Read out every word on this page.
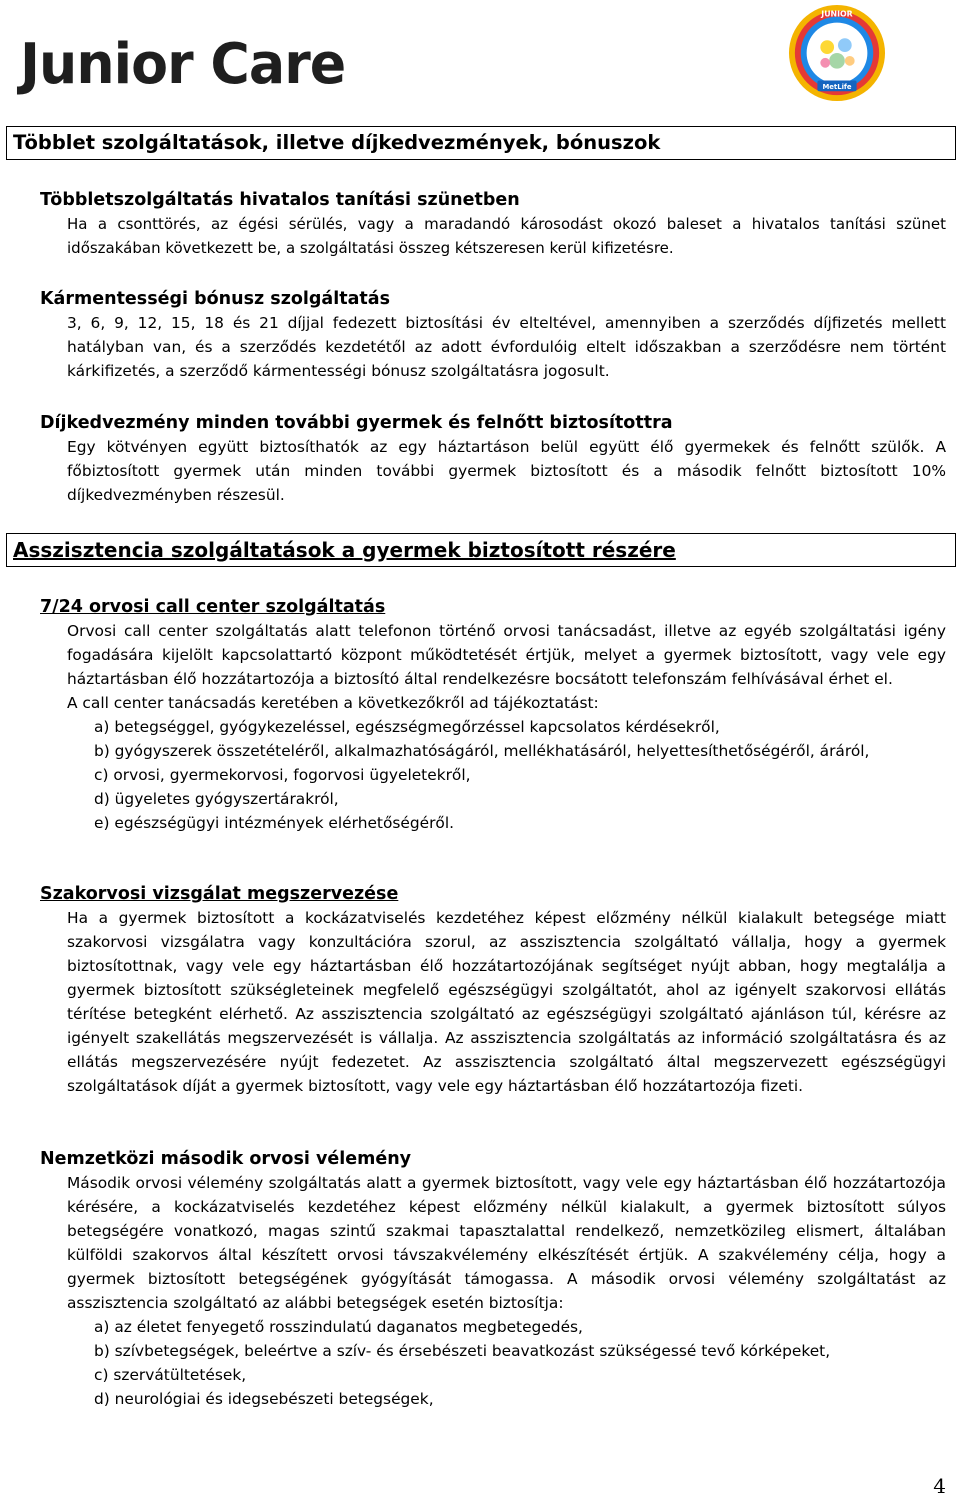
Junior Care
JUNIOR
MetLife
Többlet szolgáltatások, illetve díjkedvezmények, bónuszok

Többletszolgáltatás hivatalos tanítási szünetben

Ha a csonttörés, az égési sérülés, vagy a maradandó károsodást okozó baleset a hivatalos tanítási szünet időszakában következett be, a szolgáltatási összeg kétszeresen kerül kifizetésre.

Kármentességi bónusz szolgáltatás

3, 6, 9, 12, 15, 18 és 21 díjjal fedezett biztosítási év elteltével, amennyiben a szerződés díjfizetés mellett hatályban van, és a szerződés kezdetétől az adott évfordulóig eltelt időszakban a szerződésre nem történt kárkifizetés, a szerződő kármentességi bónusz szolgáltatásra jogosult.

Díjkedvezmény minden további gyermek és felnőtt biztosítottra

Egy kötvényen együtt biztosíthatók az egy háztartáson belül együtt élő gyermekek és felnőtt szülők. A főbiztosított gyermek után minden további gyermek biztosított és a második felnőtt biztosított 10% díjkedvezményben részesül.

Asszisztencia szolgáltatások a gyermek biztosított részére

7/24 orvosi call center szolgáltatás

Orvosi call center szolgáltatás alatt telefonon történő orvosi tanácsadást, illetve az egyéb szolgáltatási igény fogadására kijelölt kapcsolattartó központ működtetését értjük, melyet a gyermek biztosított, vagy vele egy háztartásban élő hozzátartozója a biztosító által rendelkezésre bocsátott telefonszám felhívásával érhet el.

A call center tanácsadás keretében a következőkről ad tájékoztatást:

a) betegséggel, gyógykezeléssel, egészségmegőrzéssel kapcsolatos kérdésekről,
b) gyógyszerek összetételéről, alkalmazhatóságáról, mellékhatásáról, helyettesíthetőségéről, áráról,
c) orvosi, gyermekorvosi, fogorvosi ügyeletekről,
d) ügyeletes gyógyszertárakról,
e) egészségügyi intézmények elérhetőségéről.

Szakorvosi vizsgálat megszervezése

Ha a gyermek biztosított a kockázatviselés kezdetéhez képest előzmény nélkül kialakult betegsége miatt szakorvosi vizsgálatra vagy konzultációra szorul, az asszisztencia szolgáltató vállalja, hogy a gyermek biztosítottnak, vagy vele egy háztartásban élő hozzátartozójának segítséget nyújt abban, hogy megtalálja a gyermek biztosított szükségleteinek megfelelő egészségügyi szolgáltatót, ahol az igényelt szakorvosi ellátás térítése betegként elérhető. Az asszisztencia szolgáltató az egészségügyi szolgáltató ajánláson túl, kérésre az igényelt szakellátás megszervezését is vállalja. Az asszisztencia szolgáltatás az információ szolgáltatásra és az ellátás megszervezésére nyújt fedezetet. Az asszisztencia szolgáltató által megszervezett egészségügyi szolgáltatások díját a gyermek biztosított, vagy vele egy háztartásban élő hozzátartozója fizeti.

Nemzetközi második orvosi vélemény

Második orvosi vélemény szolgáltatás alatt a gyermek biztosított, vagy vele egy háztartásban élő hozzátartozója kérésére, a kockázatviselés kezdetéhez képest előzmény nélkül kialakult, a gyermek biztosított súlyos betegségére vonatkozó, magas szintű szakmai tapasztalattal rendelkező, nemzetközileg elismert, általában külföldi szakorvos által készített orvosi távszakvélemény elkészítését értjük. A szakvélemény célja, hogy a gyermek biztosított betegségének gyógyítását támogassa. A második orvosi vélemény szolgáltatást az asszisztencia szolgáltató az alábbi betegségek esetén biztosítja:

a) az életet fenyegető rosszindulatú daganatos megbetegedés,
b) szívbetegségek, beleértve a szív- és érsebészeti beavatkozást szükségessé tevő kórképeket,
c) szervátültetések,
d) neurológiai és idegsebészeti betegségek,
4
